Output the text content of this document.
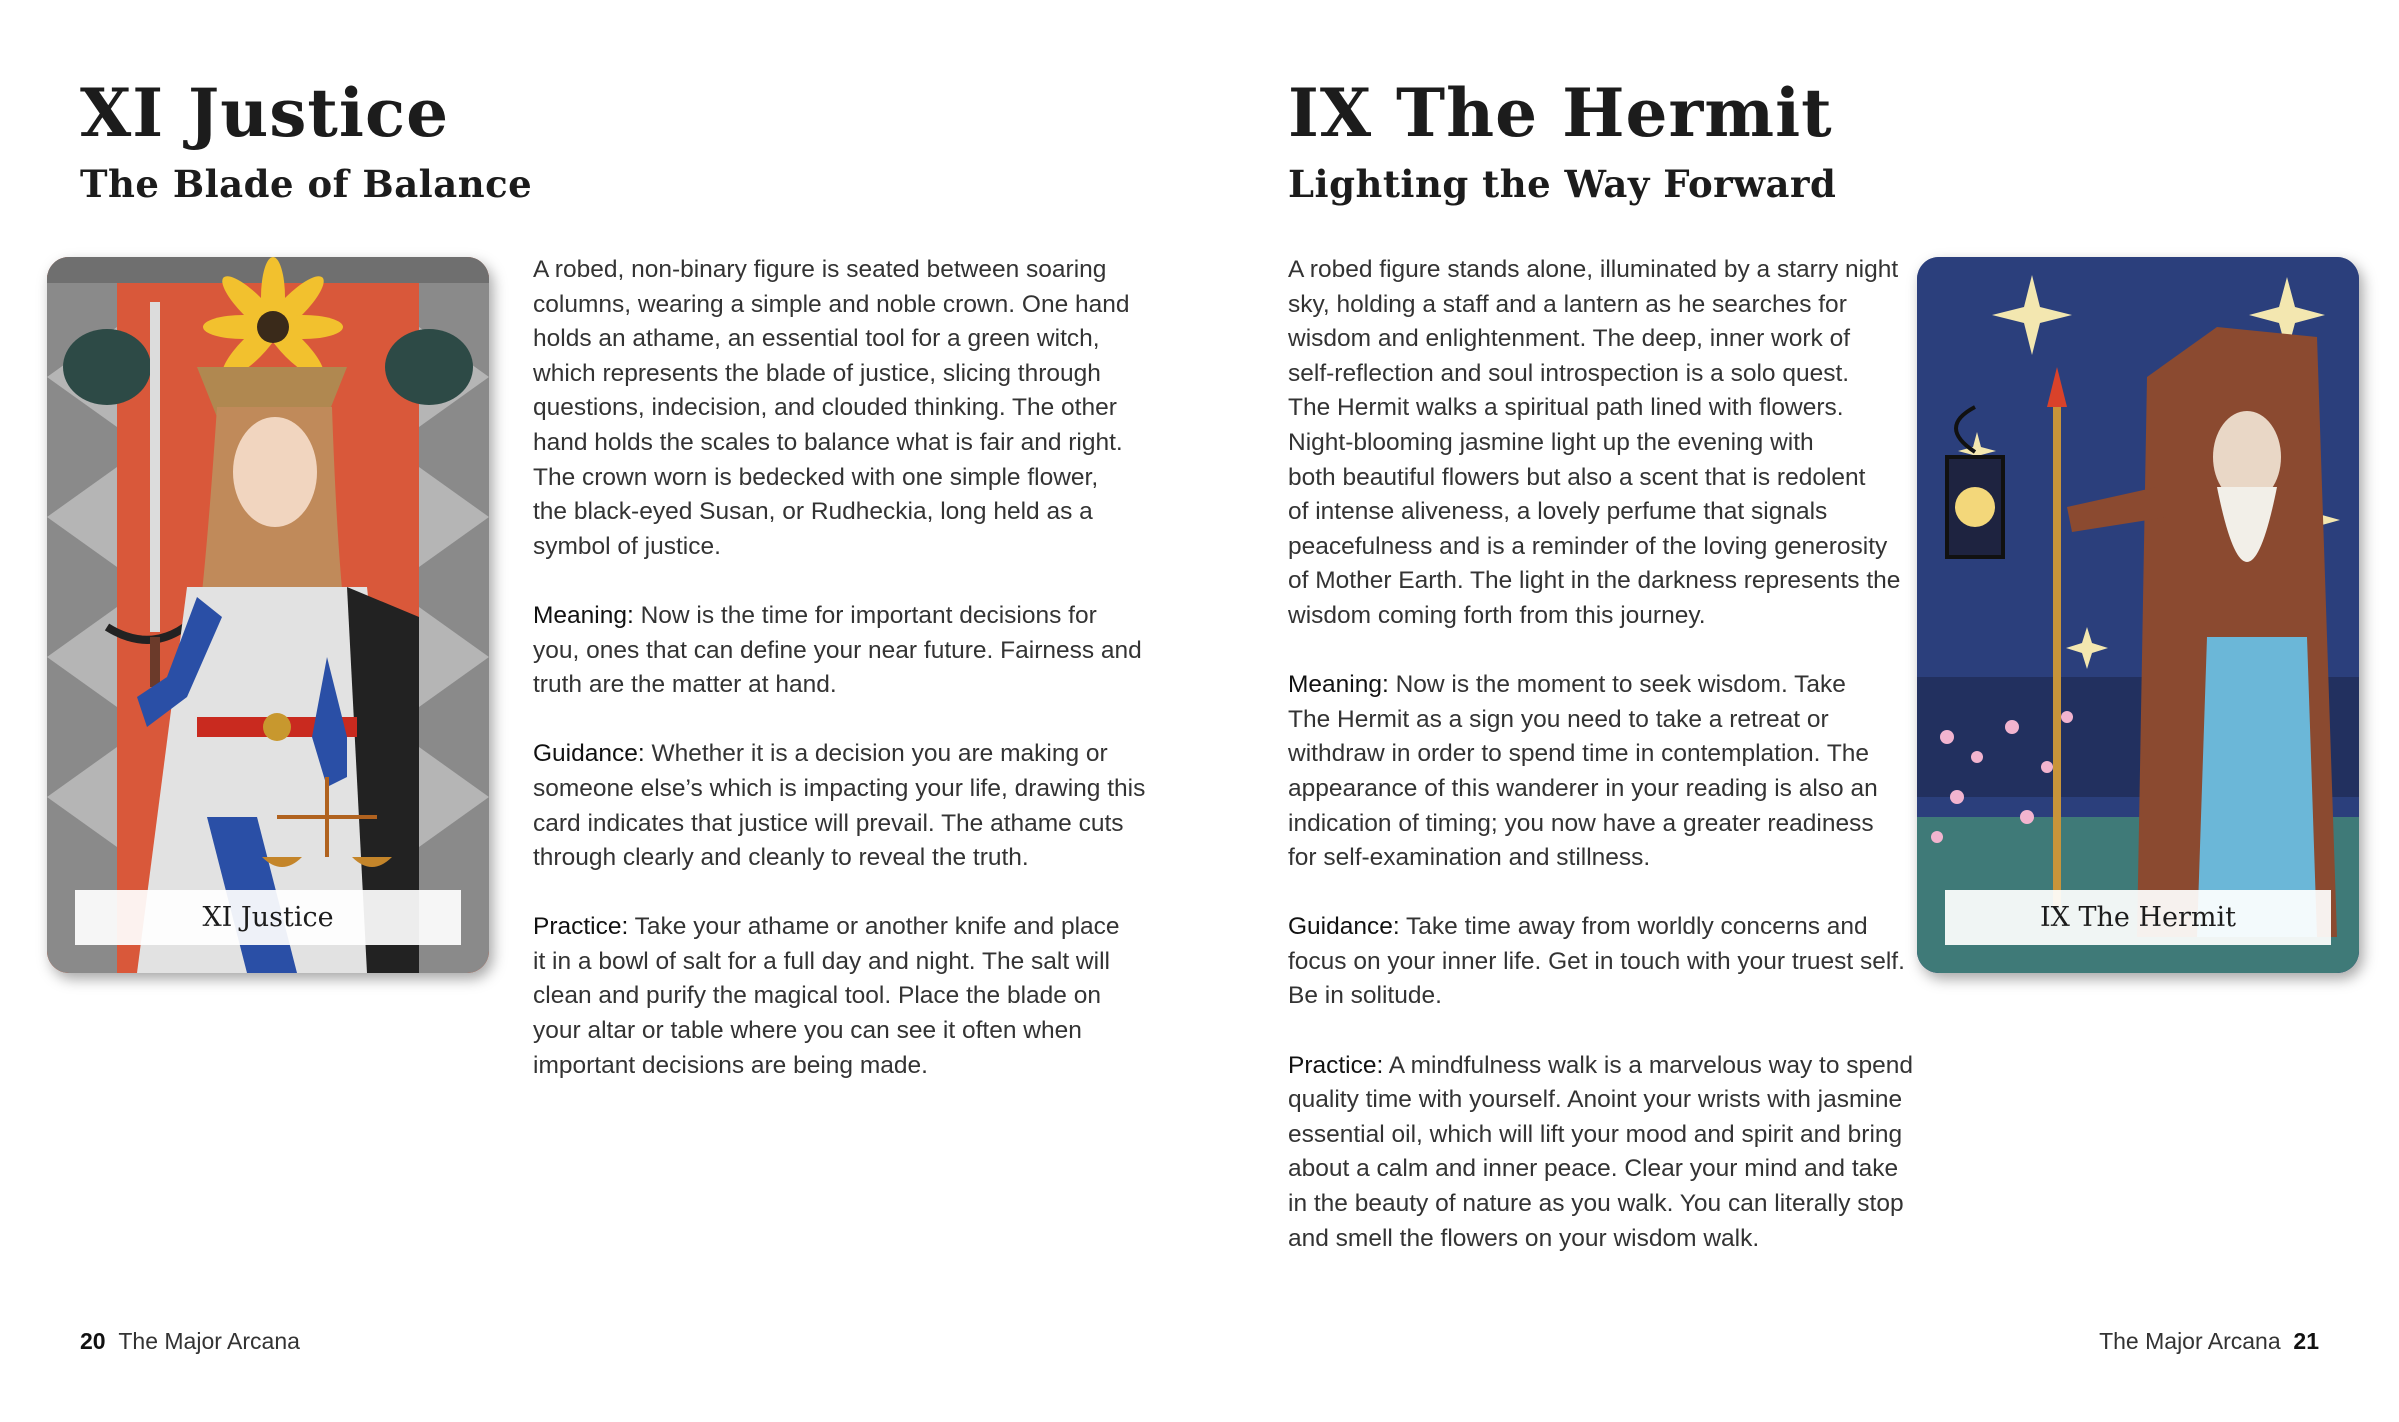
XI Justice
The Blade of Balance
XI Justice

A robed, non-binary figure is seated between soaring
columns, wearing a simple and noble crown. One hand
holds an athame, an essential tool for a green witch,
which represents the blade of justice, slicing through
questions, indecision, and clouded thinking. The other
hand holds the scales to balance what is fair and right.
The crown worn is bedecked with one simple flower,
the black-eyed Susan, or Rudheckia, long held as a
symbol of justice.

Meaning: Now is the time for important decisions for
you, ones that can define your near future. Fairness and
truth are the matter at hand.

Guidance: Whether it is a decision you are making or
someone else’s which is impacting your life, drawing this
card indicates that justice will prevail. The athame cuts
through clearly and cleanly to reveal the truth.

Practice: Take your athame or another knife and place
it in a bowl of salt for a full day and night. The salt will
clean and purify the magical tool. Place the blade on
your altar or table where you can see it often when
important decisions are being made.

20 The Major Arcana
IX The Hermit
Lighting the Way Forward

A robed figure stands alone, illuminated by a starry night
sky, holding a staff and a lantern as he searches for
wisdom and enlightenment. The deep, inner work of
self-reflection and soul introspection is a solo quest.
The Hermit walks a spiritual path lined with flowers.
Night-blooming jasmine light up the evening with
both beautiful flowers but also a scent that is redolent
of intense aliveness, a lovely perfume that signals
peacefulness and is a reminder of the loving generosity
of Mother Earth. The light in the darkness represents the
wisdom coming forth from this journey.

Meaning: Now is the moment to seek wisdom. Take
The Hermit as a sign you need to take a retreat or
withdraw in order to spend time in contemplation. The
appearance of this wanderer in your reading is also an
indication of timing; you now have a greater readiness
for self-examination and stillness.

Guidance: Take time away from worldly concerns and
focus on your inner life. Get in touch with your truest self.
Be in solitude.

Practice: A mindfulness walk is a marvelous way to spend
quality time with yourself. Anoint your wrists with jasmine
essential oil, which will lift your mood and spirit and bring
about a calm and inner peace. Clear your mind and take
in the beauty of nature as you walk. You can literally stop
and smell the flowers on your wisdom walk.

IX The Hermit
The Major Arcana 21
